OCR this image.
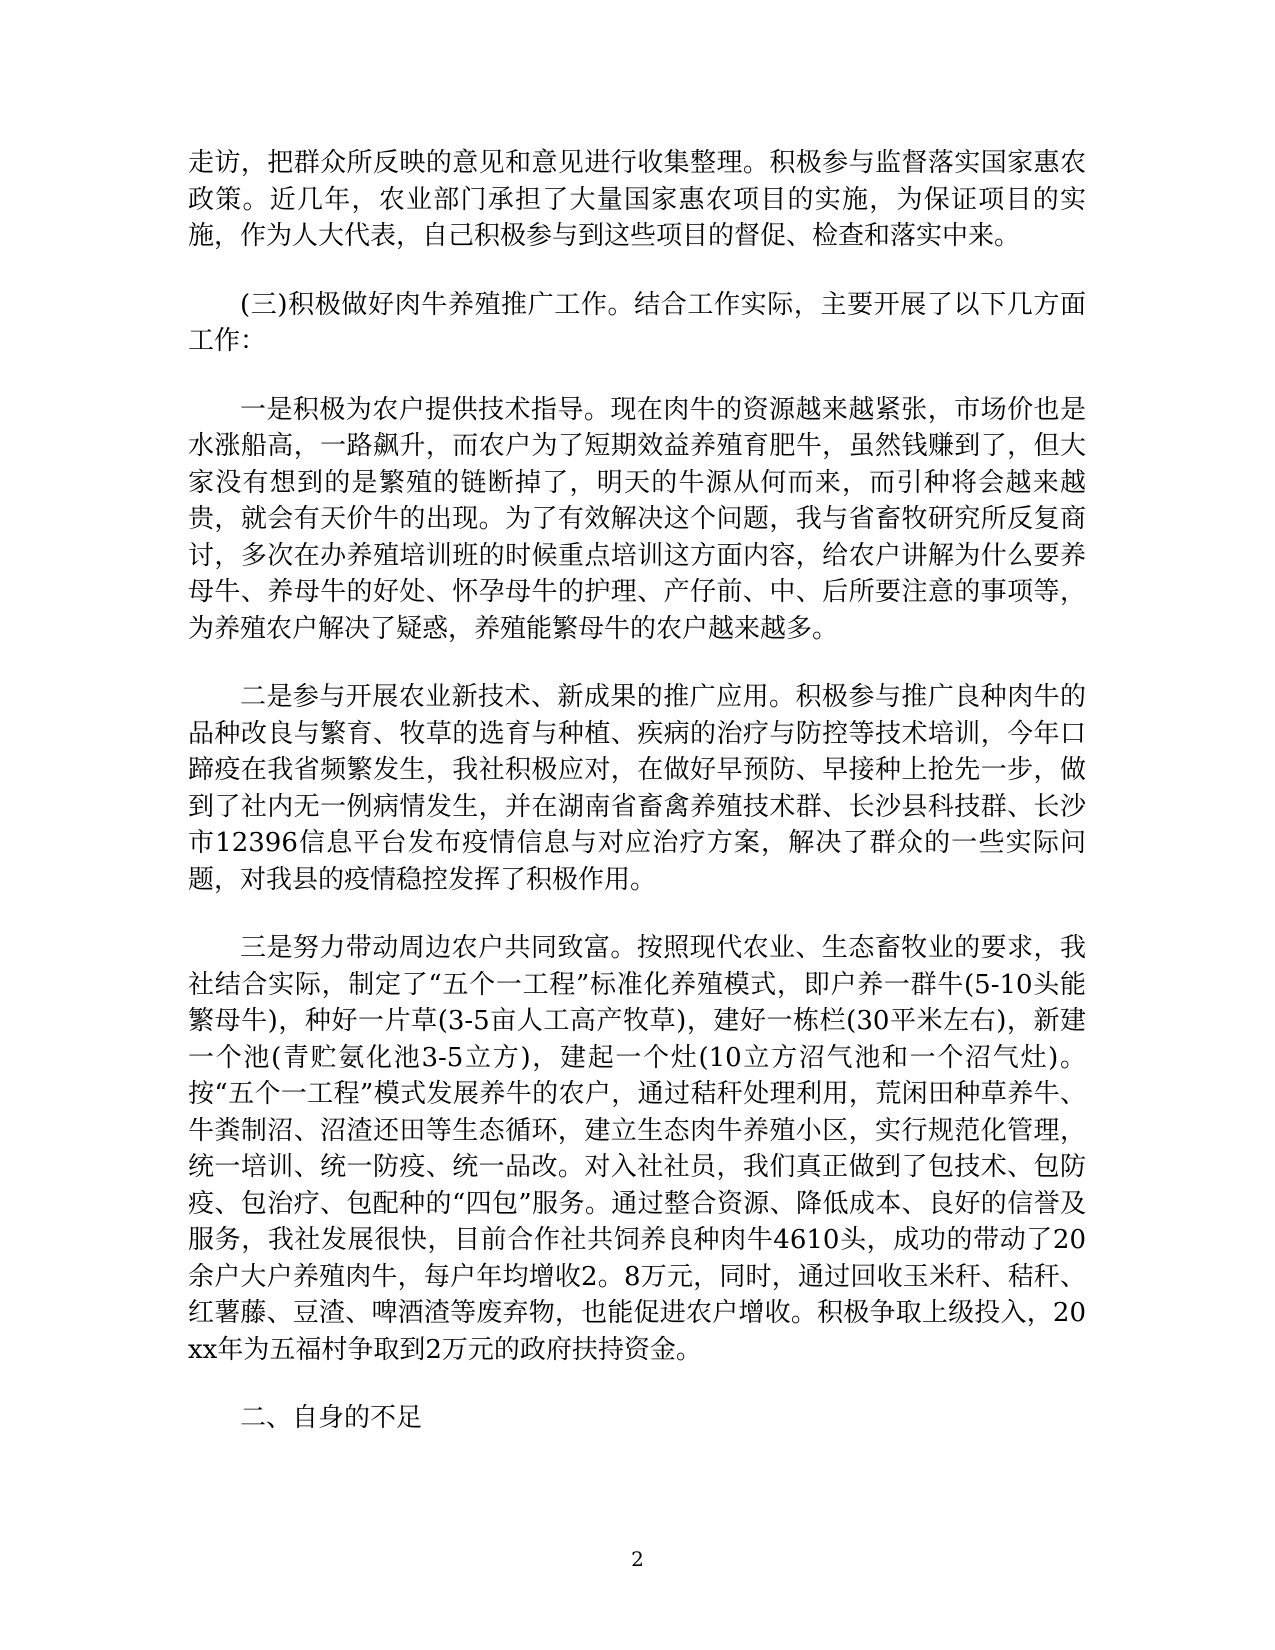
走访，把群众所反映的意见和意见进行收集整理。积极参与监督落实国家惠农政策。近几年，农业部门承担了大量国家惠农项目的实施，为保证项目的实施，作为人大代表，自己积极参与到这些项目的督促、检查和落实中来。

(三)积极做好肉牛养殖推广工作。结合工作实际，主要开展了以下几方面工作：

一是积极为农户提供技术指导。现在肉牛的资源越来越紧张，市场价也是水涨船高，一路飙升，而农户为了短期效益养殖育肥牛，虽然钱赚到了，但大家没有想到的是繁殖的链断掉了，明天的牛源从何而来，而引种将会越来越贵，就会有天价牛的出现。为了有效解决这个问题，我与省畜牧研究所反复商讨，多次在办养殖培训班的时候重点培训这方面内容，给农户讲解为什么要养母牛、养母牛的好处、怀孕母牛的护理、产仔前、中、后所要注意的事项等，为养殖农户解决了疑惑，养殖能繁母牛的农户越来越多。

二是参与开展农业新技术、新成果的推广应用。积极参与推广良种肉牛的品种改良与繁育、牧草的选育与种植、疾病的治疗与防控等技术培训，今年口蹄疫在我省频繁发生，我社积极应对，在做好早预防、早接种上抢先一步，做到了社内无一例病情发生，并在湖南省畜禽养殖技术群、长沙县科技群、长沙市12396信息平台发布疫情信息与对应治疗方案，解决了群众的一些实际问题，对我县的疫情稳控发挥了积极作用。

三是努力带动周边农户共同致富。按照现代农业、生态畜牧业的要求，我社结合实际，制定了“五个一工程”标准化养殖模式，即户养一群牛(5-10头能繁母牛)，种好一片草(3-5亩人工高产牧草)，建好一栋栏(30平米左右)，新建一个池(青贮氨化池3-5立方)，建起一个灶(10立方沼气池和一个沼气灶)。按“五个一工程”模式发展养牛的农户，通过秸秆处理利用，荒闲田种草养牛、牛粪制沼、沼渣还田等生态循环，建立生态肉牛养殖小区，实行规范化管理，统一培训、统一防疫、统一品改。对入社社员，我们真正做到了包技术、包防疫、包治疗、包配种的“四包”服务。通过整合资源、降低成本、良好的信誉及服务，我社发展很快，目前合作社共饲养良种肉牛4610头，成功的带动了20余户大户养殖肉牛，每户年均增收2。8万元，同时，通过回收玉米秆、秸秆、红薯藤、豆渣、啤酒渣等废弃物，也能促进农户增收。积极争取上级投入，20xx年为五福村争取到2万元的政府扶持资金。

二、自身的不足

2
